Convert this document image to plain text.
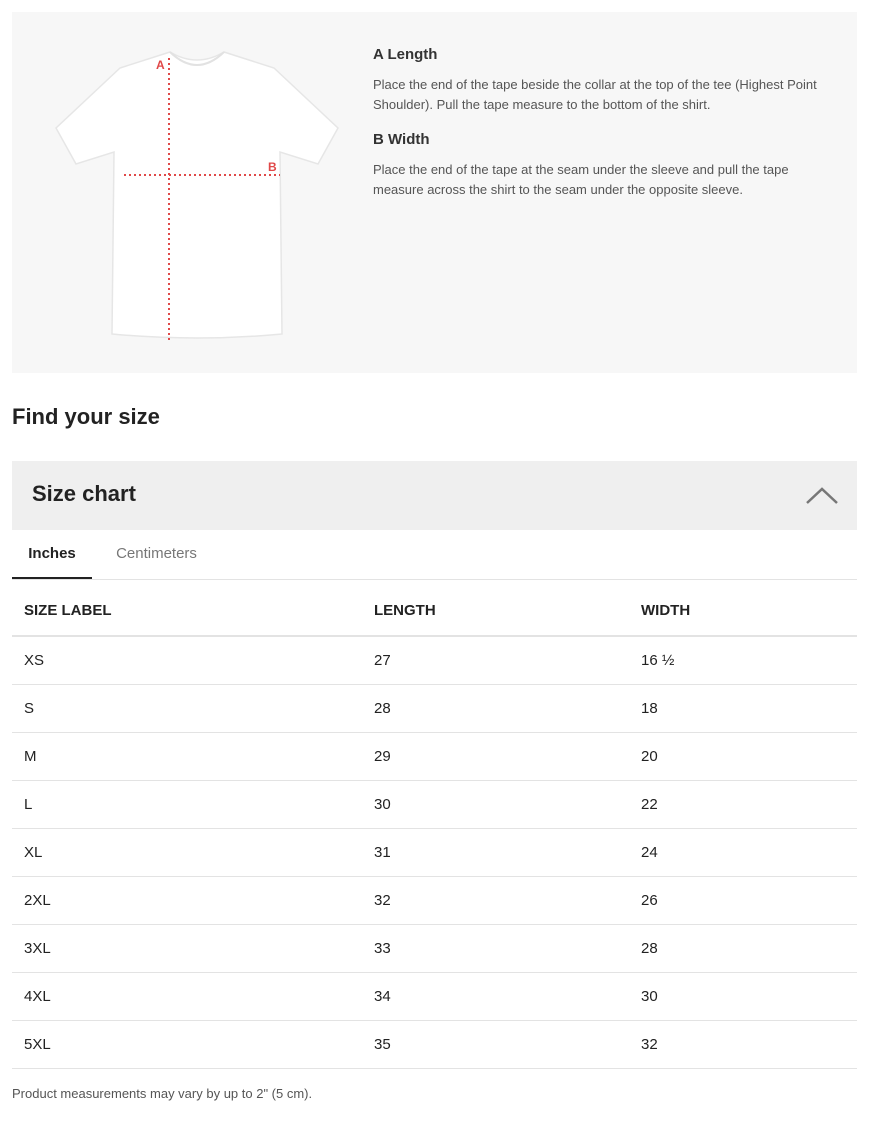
A
B
A Length

Place the end of the tape beside the collar at the top of the tee (Highest Point Shoulder). Pull the tape measure to the bottom of the shirt.

B Width

Place the end of the tape at the seam under the sleeve and pull the tape measure across the shirt to the seam under the opposite sleeve.

Find your size
Size chart
Inches	Centimeters
SIZE LABEL	LENGTH	WIDTH
XS	27	16 ½
S	28	18
M	29	20
L	30	22
XL	31	24
2XL	32	26
3XL	33	28
4XL	34	30
5XL	35	32
Product measurements may vary by up to 2" (5 cm).
